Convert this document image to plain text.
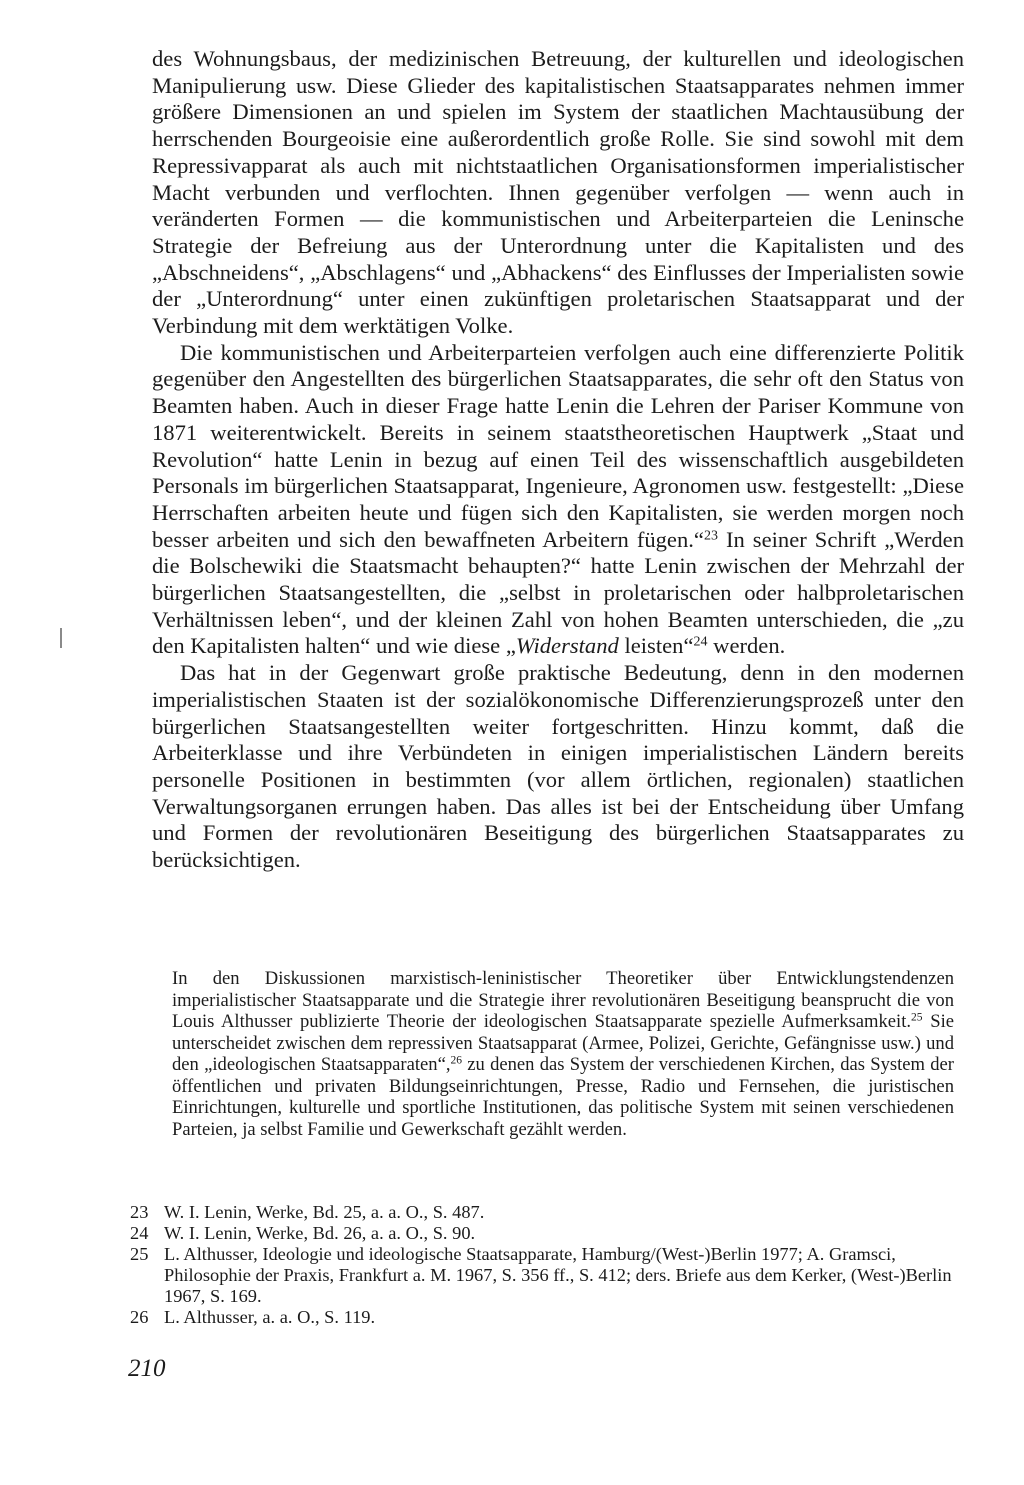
des Wohnungsbaus, der medizinischen Betreuung, der kulturellen und ideologischen Manipulierung usw. Diese Glieder des kapitalistischen Staatsapparates nehmen immer größere Dimensionen an und spielen im System der staatlichen Machtausübung der herrschenden Bourgeoisie eine außerordentlich große Rolle. Sie sind sowohl mit dem Repressivapparat als auch mit nichtstaatlichen Organisationsformen imperialistischer Macht verbunden und verflochten. Ihnen gegenüber verfolgen — wenn auch in veränderten Formen — die kommunistischen und Arbeiterparteien die Leninsche Strategie der Befreiung aus der Unterordnung unter die Kapitalisten und des „Abschneidens“, „Abschlagens“ und „Abhackens“ des Einflusses der Imperialisten sowie der „Unterordnung“ unter einen zukünftigen proletarischen Staatsapparat und der Verbindung mit dem werktätigen Volke.

Die kommunistischen und Arbeiterparteien verfolgen auch eine differenzierte Politik gegenüber den Angestellten des bürgerlichen Staatsapparates, die sehr oft den Status von Beamten haben. Auch in dieser Frage hatte Lenin die Lehren der Pariser Kommune von 1871 weiterentwickelt. Bereits in seinem staatstheoretischen Hauptwerk „Staat und Revolution“ hatte Lenin in bezug auf einen Teil des wissenschaftlich ausgebildeten Personals im bürgerlichen Staatsapparat, Ingenieure, Agronomen usw. festgestellt: „Diese Herrschaften arbeiten heute und fügen sich den Kapitalisten, sie werden morgen noch besser arbeiten und sich den bewaffneten Arbeitern fügen.“$^{23}$ In seiner Schrift „Werden die Bolschewiki die Staatsmacht behaupten?“ hatte Lenin zwischen der Mehrzahl der bürgerlichen Staatsangestellten, die „selbst in proletarischen oder halbproletarischen Verhältnissen leben“, und der kleinen Zahl von hohen Beamten unterschieden, die „zu den Kapitalisten halten“ und wie diese „Widerstand leisten“$^{24}$ werden.

Das hat in der Gegenwart große praktische Bedeutung, denn in den modernen imperialistischen Staaten ist der sozialökonomische Differenzierungsprozeß unter den bürgerlichen Staatsangestellten weiter fortgeschritten. Hinzu kommt, daß die Arbeiterklasse und ihre Verbündeten in einigen imperialistischen Ländern bereits personelle Positionen in bestimmten (vor allem örtlichen, regionalen) staatlichen Verwaltungsorganen errungen haben. Das alles ist bei der Entscheidung über Umfang und Formen der revolutionären Beseitigung des bürgerlichen Staatsapparates zu berücksichtigen.

In den Diskussionen marxistisch-leninistischer Theoretiker über Entwicklungstendenzen imperialistischer Staatsapparate und die Strategie ihrer revolutionären Beseitigung beansprucht die von Louis Althusser publizierte Theorie der ideologischen Staatsapparate spezielle Aufmerksamkeit.$^{25}$ Sie unterscheidet zwischen dem repressiven Staatsapparat (Armee, Polizei, Gerichte, Gefängnisse usw.) und den „ideologischen Staatsapparaten“,$^{26}$ zu denen das System der verschiedenen Kirchen, das System der öffentlichen und privaten Bildungseinrichtungen, Presse, Radio und Fernsehen, die juristischen Einrichtungen, kulturelle und sportliche Institutionen, das politische System mit seinen verschiedenen Parteien, ja selbst Familie und Gewerkschaft gezählt werden.

23 W. I. Lenin, Werke, Bd. 25, a. a. O., S. 487.
24 W. I. Lenin, Werke, Bd. 26, a. a. O., S. 90.
25 L. Althusser, Ideologie und ideologische Staatsapparate, Hamburg/(West-)Berlin 1977; A. Gramsci, Philosophie der Praxis, Frankfurt a. M. 1967, S. 356 ff., S. 412; ders. Briefe aus dem Kerker, (West-)Berlin 1967, S. 169.
26 L. Althusser, a. a. O., S. 119.
210
